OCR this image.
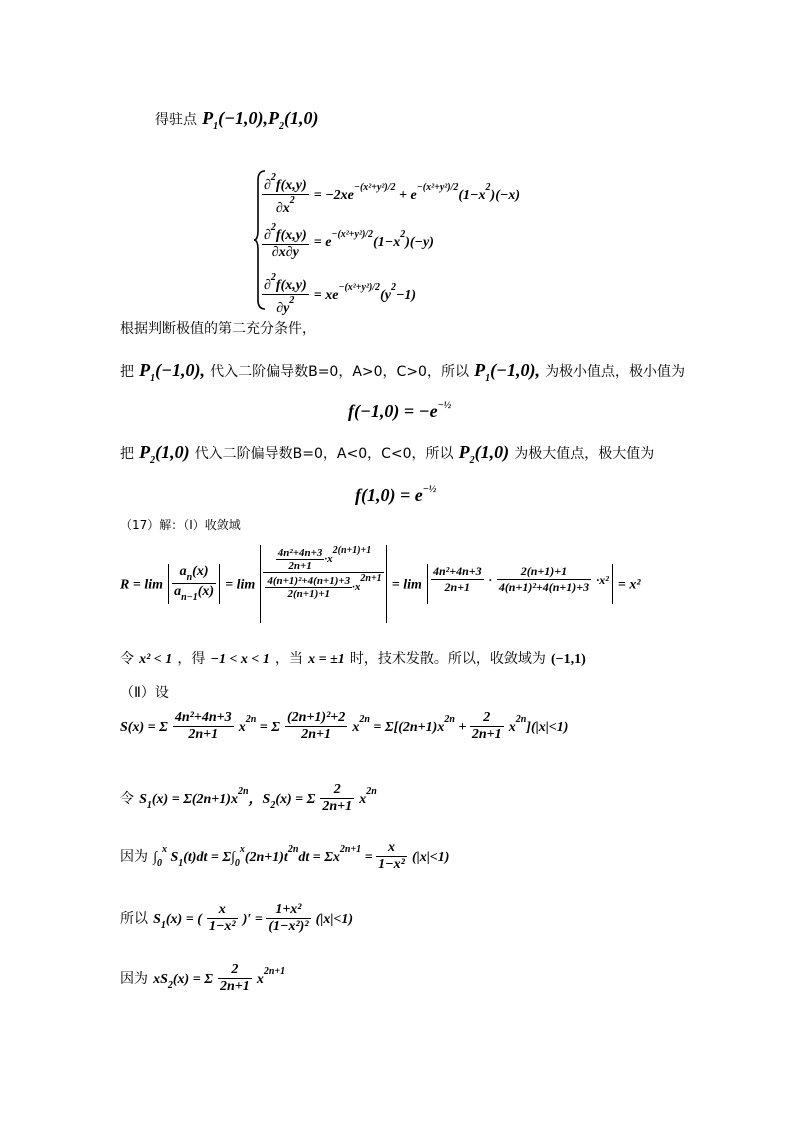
得驻点 $P_1(-1,0),P_2(1,0)$
$\frac{\partial^2f(x,y)}{\partial x^2} = -2xe^{-(x^2+y^2)/2} + e^{-(x^2+y^2)/2}(1-x^2)(-x)$
$\frac{\partial^2f(x,y)}{\partial x\partial y} = e^{-(x^2+y^2)/2}(1-x^2)(-y)$
$\frac{\partial^2f(x,y)}{\partial y^2} = xe^{-(x^2+y^2)/2}(y^2-1)$
根据判断极值的第二充分条件，
把 $P_1(-1,0)$, 代入二阶偏导数B=0，A>0，C>0，所以 $P_1(-1,0)$, 为极小值点，极小值为
$f(-1,0) = -e^{-\frac{1}{2}}$
把 $P_2(1,0)$ 代入二阶偏导数B=0，A<0，C<0，所以 $P_2(1,0)$ 为极大值点，极大值为
$f(1,0) = e^{-\frac{1}{2}}$
（17）解：（Ⅰ）收敛域
$R = \lim \frac{a_n(x)}{a_{n-1}(x)} = \lim \frac{\frac{\text{4n²+4n+3}}{2n+1} \cdot x2(n+1)+1}{\frac{\text{4(n+1)²+4(n+1)+3}}{2(n+1)+1} \cdot x2n+1} = \lim \frac{\text{4n²+4n+3}}{2n+1} \cdot \frac{2(n+1)+1}{\text{4(n+1)²+4(n+1)+3}} \cdot x^2 = x^2$
令 x² < 1 ，得 −1 < x < 1 ，当 x = ±1 时，技术发散。所以，收敛域为 (−1,1)
（Ⅱ）设
S(x) = Σ $\frac{\text{4n²+4n+3}}{2n+1} x^{2n} = \Sigma \frac{\text{(2n+1)²+2}}{2n+1} x^{2n} = \Sigma[(2n+1)x^{2n} + \frac{2}{2n+1} x^{2n}](|x|<1)$
令 $S_1(x) = \Sigma(2n+1)x^{2n}$，$S_2(x) = \Sigma \frac{2}{2n+1} x^{2n}$
因为 $\int_0^x$ $S_1(t)dt = \Sigma\int_0^x(2n+1)t^{2n}dt = \Sigma x^{2n+1} = \frac{x}{\text{1−x²}} (|x|<1)$
所以 $S_1(x)$ = ( $\frac{x}{\text{1−x²}}$ )′ = $\frac{\text{1+x²}}{\text{(1−x²)²}} (|x|<1)$
因为 $xS_2(x) = \Sigma \frac{2}{2n+1} x^{2n+1}$
